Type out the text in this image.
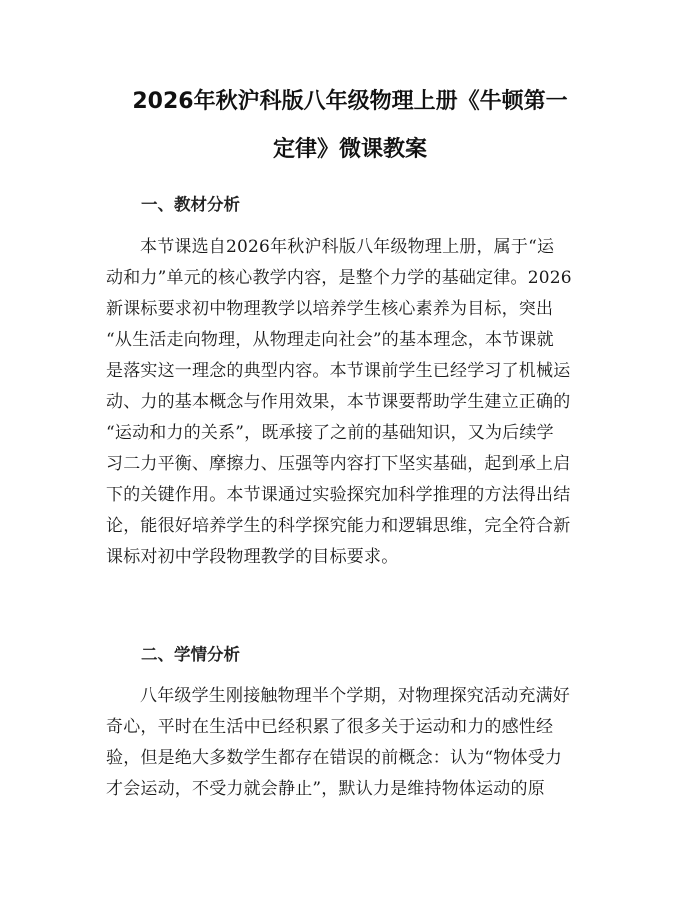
2026年秋沪科版八年级物理上册《牛顿第一
定律》微课教案
一、教材分析

本节课选自2026年秋沪科版八年级物理上册，属于“运
动和力”单元的核心教学内容，是整个力学的基础定律。2026
新课标要求初中物理教学以培养学生核心素养为目标，突出
“从生活走向物理，从物理走向社会”的基本理念，本节课就
是落实这一理念的典型内容。本节课前学生已经学习了机械运
动、力的基本概念与作用效果，本节课要帮助学生建立正确的
“运动和力的关系”，既承接了之前的基础知识，又为后续学
习二力平衡、摩擦力、压强等内容打下坚实基础，起到承上启
下的关键作用。本节课通过实验探究加科学推理的方法得出结
论，能很好培养学生的科学探究能力和逻辑思维，完全符合新
课标对初中学段物理教学的目标要求。

二、学情分析

八年级学生刚接触物理半个学期，对物理探究活动充满好
奇心，平时在生活中已经积累了很多关于运动和力的感性经
验，但是绝大多数学生都存在错误的前概念：认为“物体受力
才会运动，不受力就会静止”，默认力是维持物体运动的原
